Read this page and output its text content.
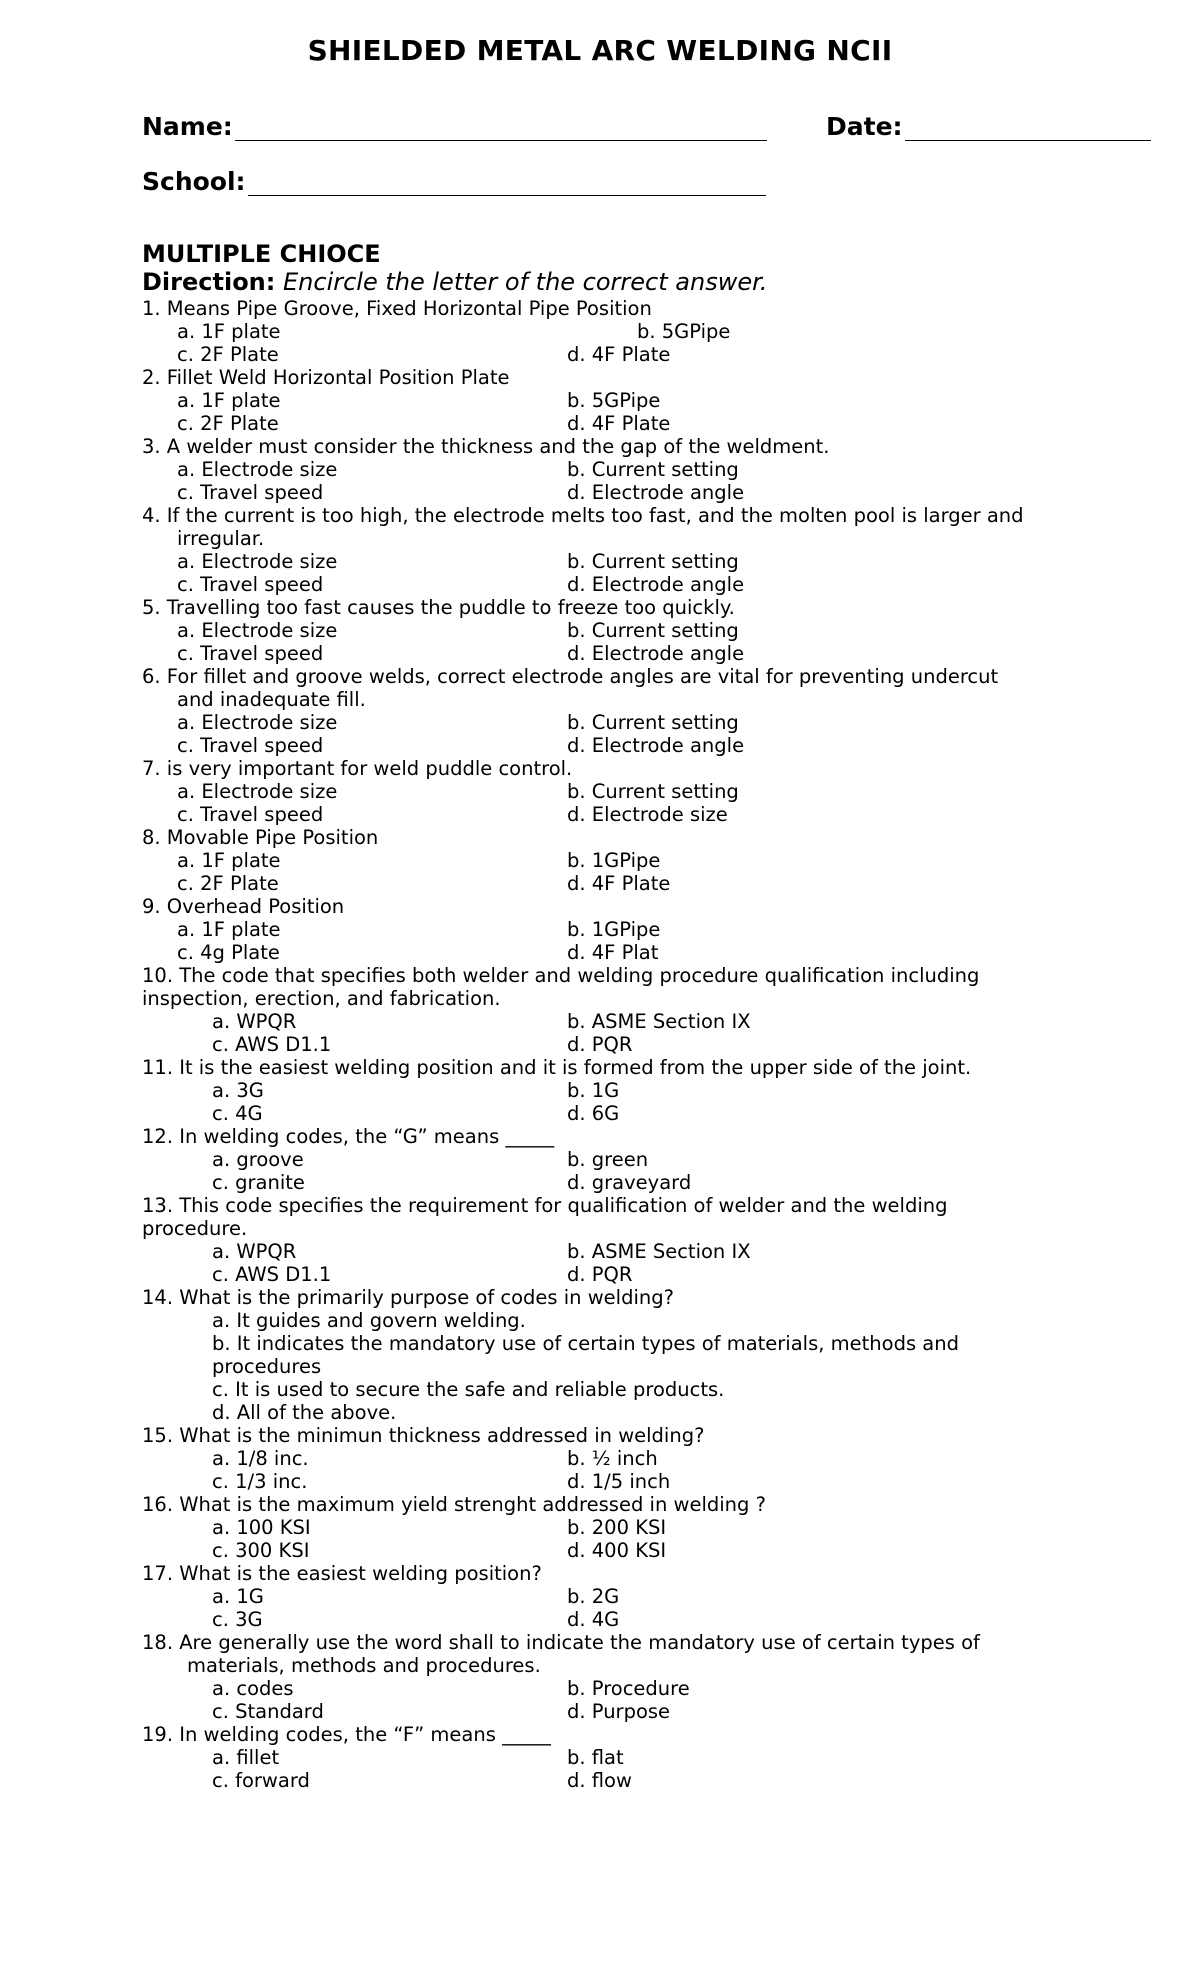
SHIELDED METAL ARC WELDING NCII
Name:	Date:
School:
MULTIPLE CHIOCE
Direction: Encircle the letter of the correct answer.
1. Means Pipe Groove, Fixed Horizontal Pipe Position
a. 1F plate	b. 5GPipe
c. 2F Plate	d. 4F Plate
2. Fillet Weld Horizontal Position Plate
a. 1F plate	b. 5GPipe
c. 2F Plate	d. 4F Plate
3. A welder must consider the thickness and the gap of the weldment.
a. Electrode size	b. Current setting
c. Travel speed	d. Electrode angle
4. If the current is too high, the electrode melts too fast, and the molten pool is larger and
irregular.
a. Electrode size	b. Current setting
c. Travel speed	d. Electrode angle
5. Travelling too fast causes the puddle to freeze too quickly.
a. Electrode size	b. Current setting
c. Travel speed	d. Electrode angle
6. For fillet and groove welds, correct electrode angles are vital for preventing undercut
and inadequate fill.
a. Electrode size	b. Current setting
c. Travel speed	d. Electrode angle
7. is very important for weld puddle control.
a. Electrode size	b. Current setting
c. Travel speed	d. Electrode size
8. Movable Pipe Position
a. 1F plate	b. 1GPipe
c. 2F Plate	d. 4F Plate
9. Overhead Position
a. 1F plate	b. 1GPipe
c. 4g Plate	d. 4F Plat
10. The code that specifies both welder and welding procedure qualification including
inspection, erection, and fabrication.
a. WPQR	b. ASME Section IX
c. AWS D1.1	d. PQR
11. It is the easiest welding position and it is formed from the upper side of the joint.
a. 3G	b. 1G
c. 4G	d. 6G
12. In welding codes, the “G” means _____
a. groove	b. green
c. granite	d. graveyard
13. This code specifies the requirement for qualification of welder and the welding
procedure.
a. WPQR	b. ASME Section IX
c. AWS D1.1	d. PQR
14. What is the primarily purpose of codes in welding?
a. It guides and govern welding.
b. It indicates the mandatory use of certain types of materials, methods and
procedures
c. It is used to secure the safe and reliable products.
d. All of the above.
15. What is the minimun thickness addressed in welding?
a. 1/8 inc.	b. ½ inch
c. 1/3 inc.	d. 1/5 inch
16. What is the maximum yield strenght addressed in welding ?
a. 100 KSI	b. 200 KSI
c. 300 KSI	d. 400 KSI
17. What is the easiest welding position?
a. 1G	b. 2G
c. 3G	d. 4G
18. Are generally use the word shall to indicate the mandatory use of certain types of
materials, methods and procedures.
a. codes	b. Procedure
c. Standard	d. Purpose
19. In welding codes, the “F” means _____
a. fillet	b. flat
c. forward	d. flow
